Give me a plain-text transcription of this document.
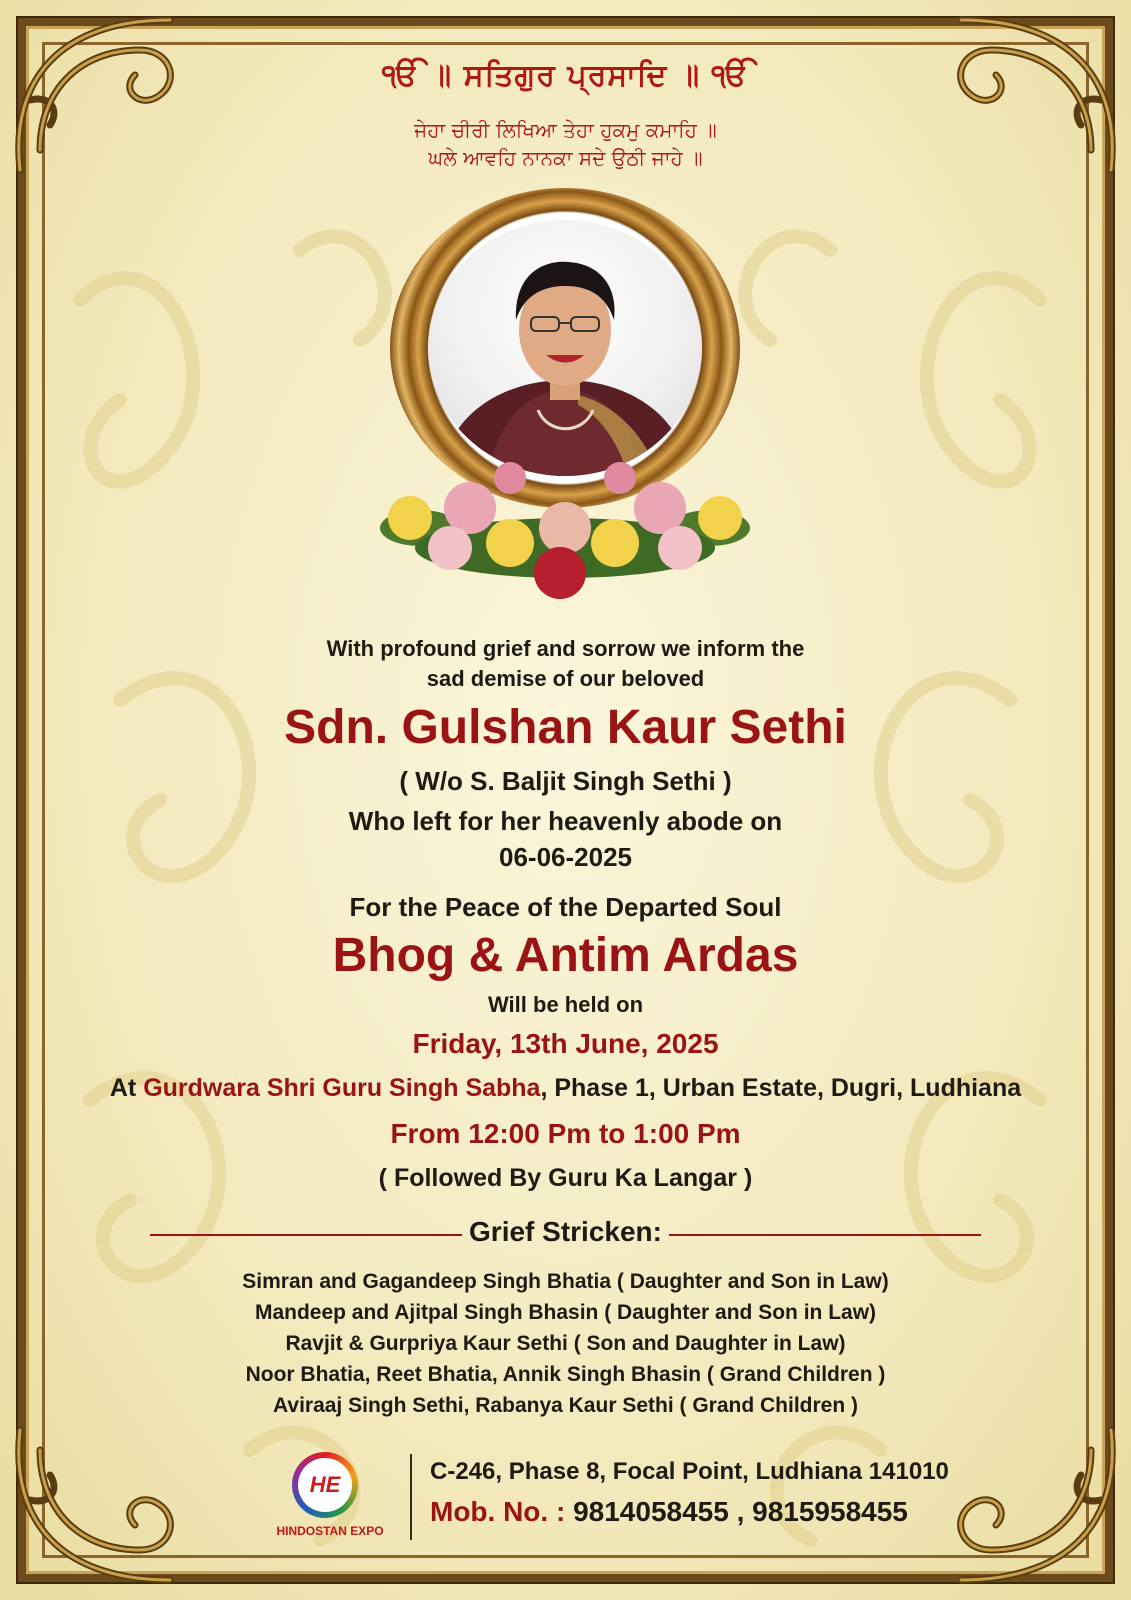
ੴ ॥ ਸਤਿਗੁਰ ਪ੍ਰਸਾਦਿ ॥ ੴ
ਜੇਹਾ ਚੀਰੀ ਲਿਖਿਆ ਤੇਹਾ ਹੁਕਮੁ ਕਮਾਹਿ ॥
ਘਲੇ ਆਵਹਿ ਨਾਨਕਾ ਸਦੇ ਉਠੀ ਜਾਹੇ ॥
With profound grief and sorrow we inform the
sad demise of our beloved
Sdn. Gulshan Kaur Sethi
( W/o S. Baljit Singh Sethi )
Who left for her heavenly abode on
06-06-2025
For the Peace of the Departed Soul
Bhog & Antim Ardas
Will be held on
Friday, 13th June, 2025
At Gurdwara Shri Guru Singh Sabha, Phase 1, Urban Estate, Dugri, Ludhiana
From 12:00 Pm to 1:00 Pm
( Followed By Guru Ka Langar )
Grief Stricken:
Simran and Gagandeep Singh Bhatia ( Daughter and Son in Law)
Mandeep and Ajitpal Singh Bhasin ( Daughter and Son in Law)
Ravjit & Gurpriya Kaur Sethi ( Son and Daughter in Law)
Noor Bhatia, Reet Bhatia, Annik Singh Bhasin ( Grand Children )
Aviraaj Singh Sethi, Rabanya Kaur Sethi ( Grand Children )
HE
HINDOSTAN EXPO
C-246, Phase 8, Focal Point, Ludhiana 141010
Mob. No. : 9814058455 , 9815958455
